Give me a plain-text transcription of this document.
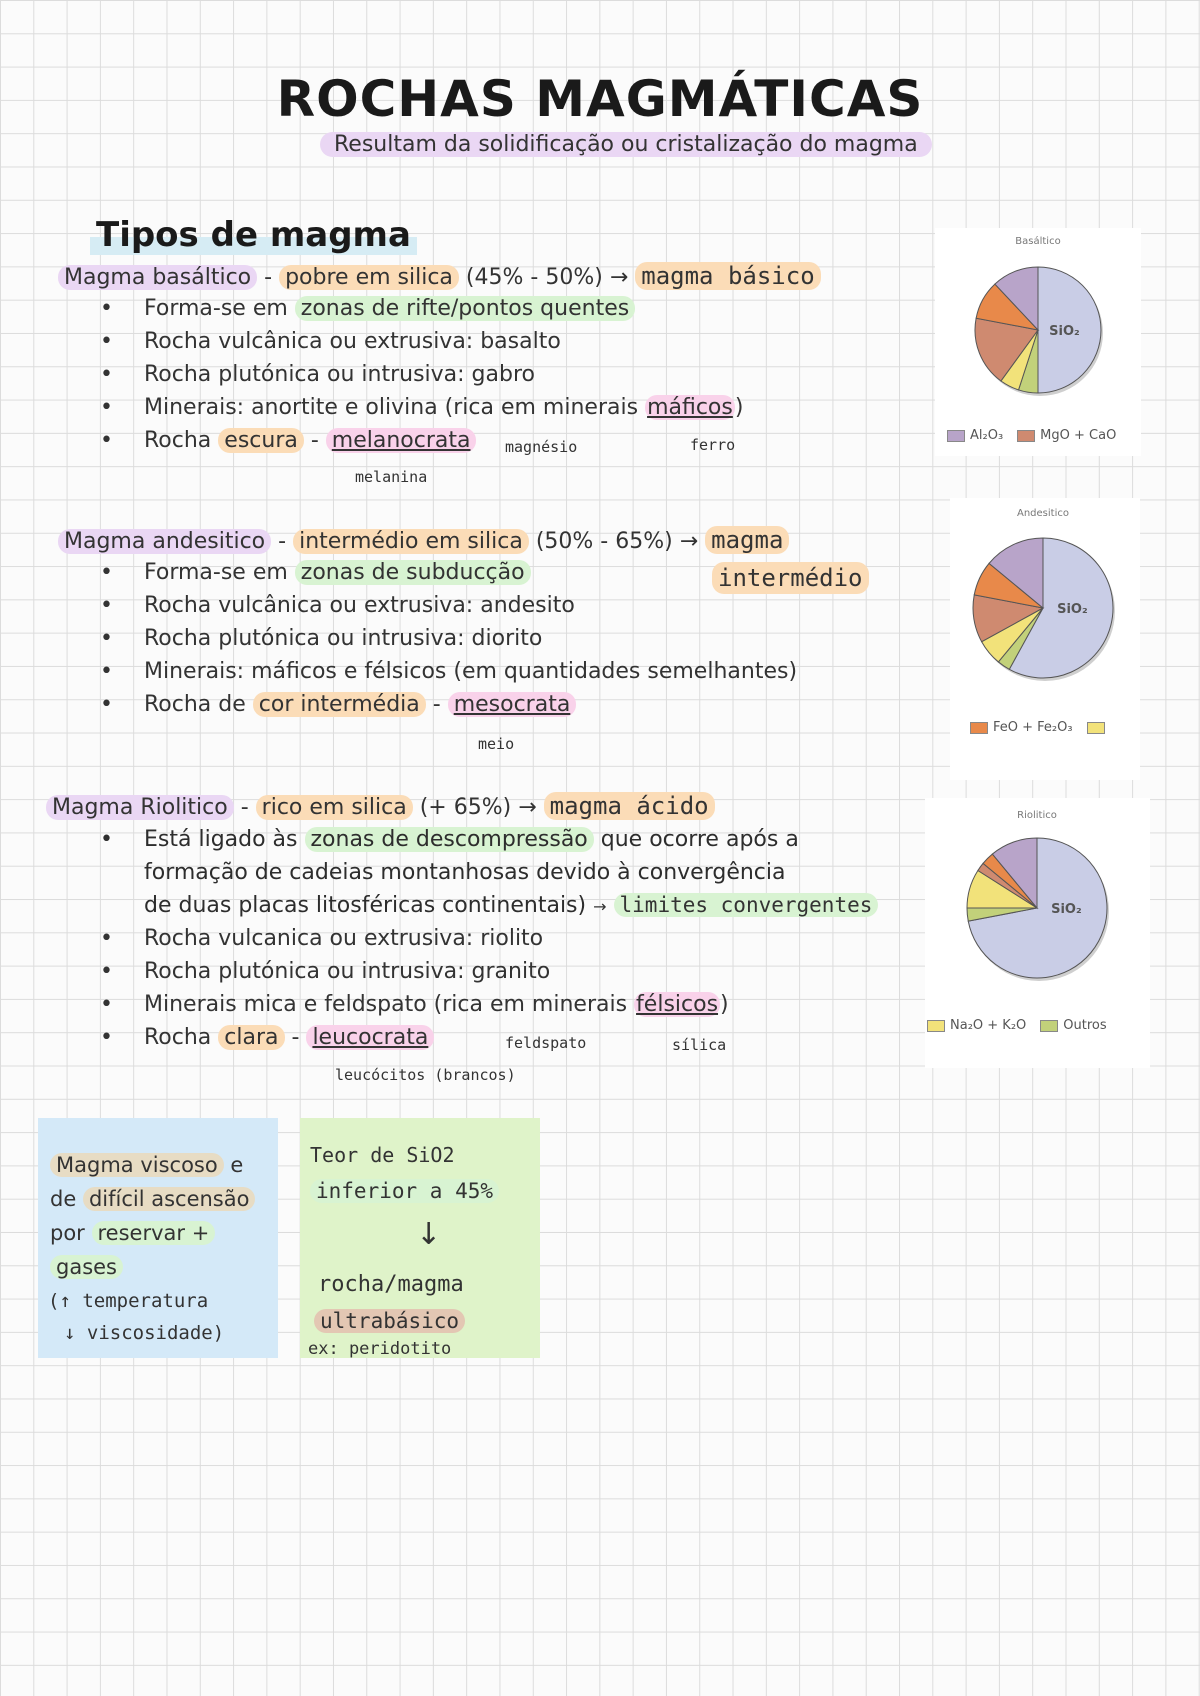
ROCHAS MAGMÁTICAS
Resultam da solidificação ou cristalização do magma
Tipos de magma
Magma basáltico - pobre em silica (45% - 50%) → magma básico
• Forma-se em zonas de rifte/pontos quentes
• Rocha vulcânica ou extrusiva: basalto
• Rocha plutónica ou intrusiva: gabro
• Minerais: anortite e olivina (rica em minerais máficos)
• Rocha escura - melanocrata
melanina
magnésio	ferro
Magma andesitico - intermédio em silica (50% - 65%) → magma
intermédio
• Forma-se em zonas de subducção
• Rocha vulcânica ou extrusiva: andesito
• Rocha plutónica ou intrusiva: diorito
• Minerais: máficos e félsicos (em quantidades semelhantes)
• Rocha de cor intermédia - mesocrata
meio
Magma Riolitico - rico em silica (+ 65%) → magma ácido
• Está ligado às zonas de descompressão que ocorre após a
formação de cadeias montanhosas devido à convergência
de duas placas litosféricas continentais) → limites convergentes
• Rocha vulcanica ou extrusiva: riolito
• Rocha plutónica ou intrusiva: granito
• Minerais mica e feldspato (rica em minerais félsicos)
• Rocha clara - leucocrata
leucócitos (brancos)
feldspato	sílica
Basáltico
SiO₂
Al₂O₃	MgO + CaO
Andesitico
SiO₂
FeO + Fe₂O₃
Riolitico
SiO₂
Na₂O + K₂O	Outros
Magma viscoso e
de difícil ascensão
por reservar +
gases
(↑ temperatura
↓ viscosidade)
Teor de SiO2
inferior a 45%
↓
rocha/magma
ultrabásico
ex: peridotito
